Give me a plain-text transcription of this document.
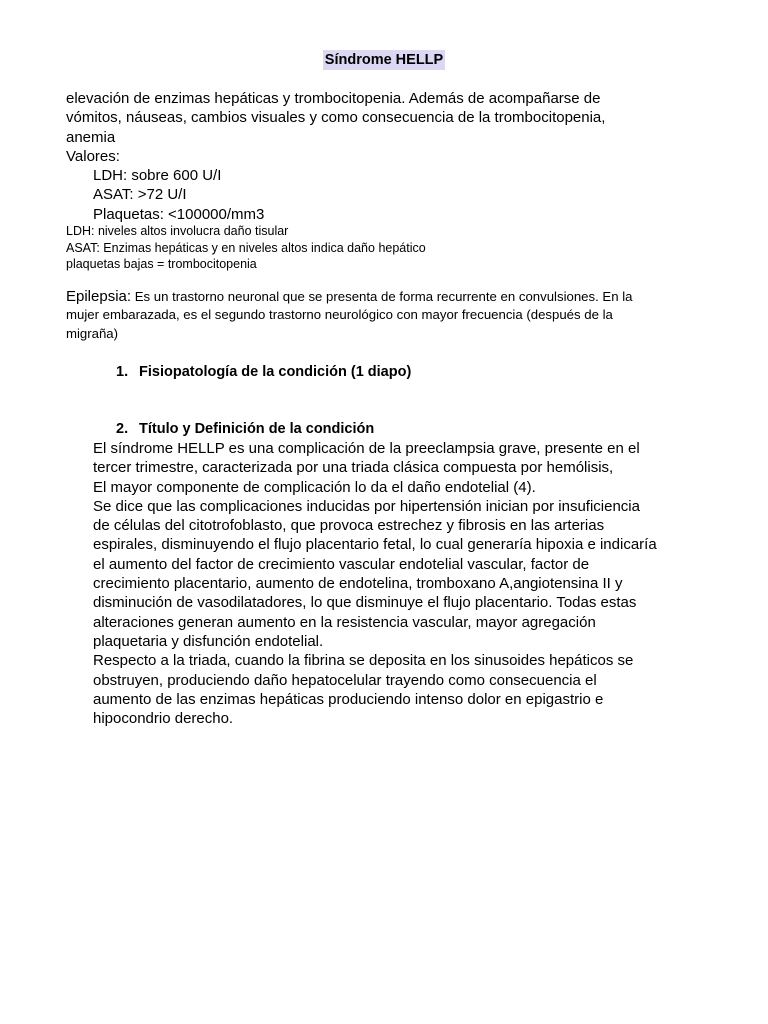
Síndrome HELLP
elevación de enzimas hepáticas y trombocitopenia. Además de acompañarse de
vómitos, náuseas, cambios visuales y como consecuencia de la trombocitopenia,
anemia
Valores:
LDH: sobre 600 U/I
ASAT: >72 U/I
Plaquetas: <100000/mm3
LDH: niveles altos involucra daño tisular
ASAT: Enzimas hepáticas y en niveles altos indica daño hepático
plaquetas bajas = trombocitopenia
Epilepsia: Es un trastorno neuronal que se presenta de forma recurrente en convulsiones. En la
mujer embarazada, es el segundo trastorno neurológico con mayor frecuencia (después de la
migraña)
1. Fisiopatología de la condición (1 diapo)
2. Título y Definición de la condición
El síndrome HELLP es una complicación de la preeclampsia grave, presente en el
tercer trimestre, caracterizada por una triada clásica compuesta por hemólisis,
El mayor componente de complicación lo da el daño endotelial (4).
Se dice que las complicaciones inducidas por hipertensión inician por insuficiencia
de células del citotrofoblasto, que provoca estrechez y fibrosis en las arterias
espirales, disminuyendo el flujo placentario fetal, lo cual generaría hipoxia e indicaría
el aumento del factor de crecimiento vascular endotelial vascular, factor de
crecimiento placentario, aumento de endotelina, tromboxano A,angiotensina II y
disminución de vasodilatadores, lo que disminuye el flujo placentario. Todas estas
alteraciones generan aumento en la resistencia vascular, mayor agregación
plaquetaria y disfunción endotelial.
Respecto a la triada, cuando la fibrina se deposita en los sinusoides hepáticos se
obstruyen, produciendo daño hepatocelular trayendo como consecuencia el
aumento de las enzimas hepáticas produciendo intenso dolor en epigastrio e
hipocondrio derecho.
